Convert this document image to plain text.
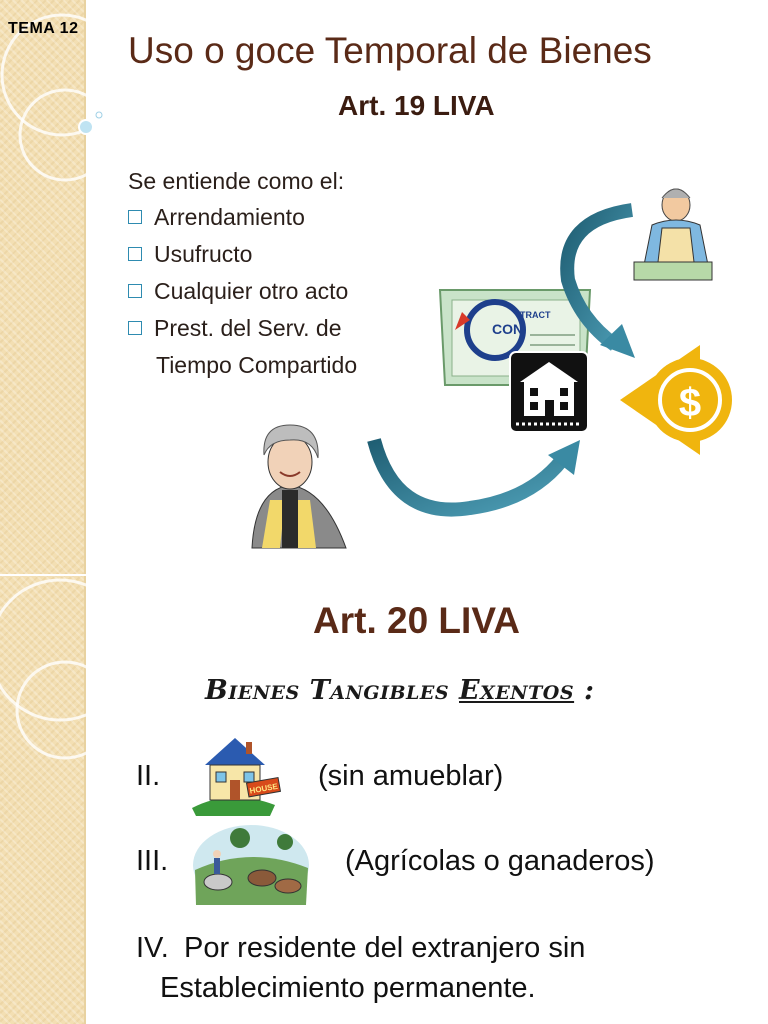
TEMA 12
Uso o goce Temporal de Bienes
Art. 19 LIVA
Se entiende como el:
Arrendamiento
Usufructo
Cualquier otro acto
Prest. del Serv. de
Tiempo Compartido
CON
TRACT
$
Art. 20 LIVA
Bienes Tangibles Exentos :
II.	(sin amueblar)
III.	(Agrícolas o ganaderos)
IV. Por residente del extranjero sin
Establecimiento permanente.
HOUSE
